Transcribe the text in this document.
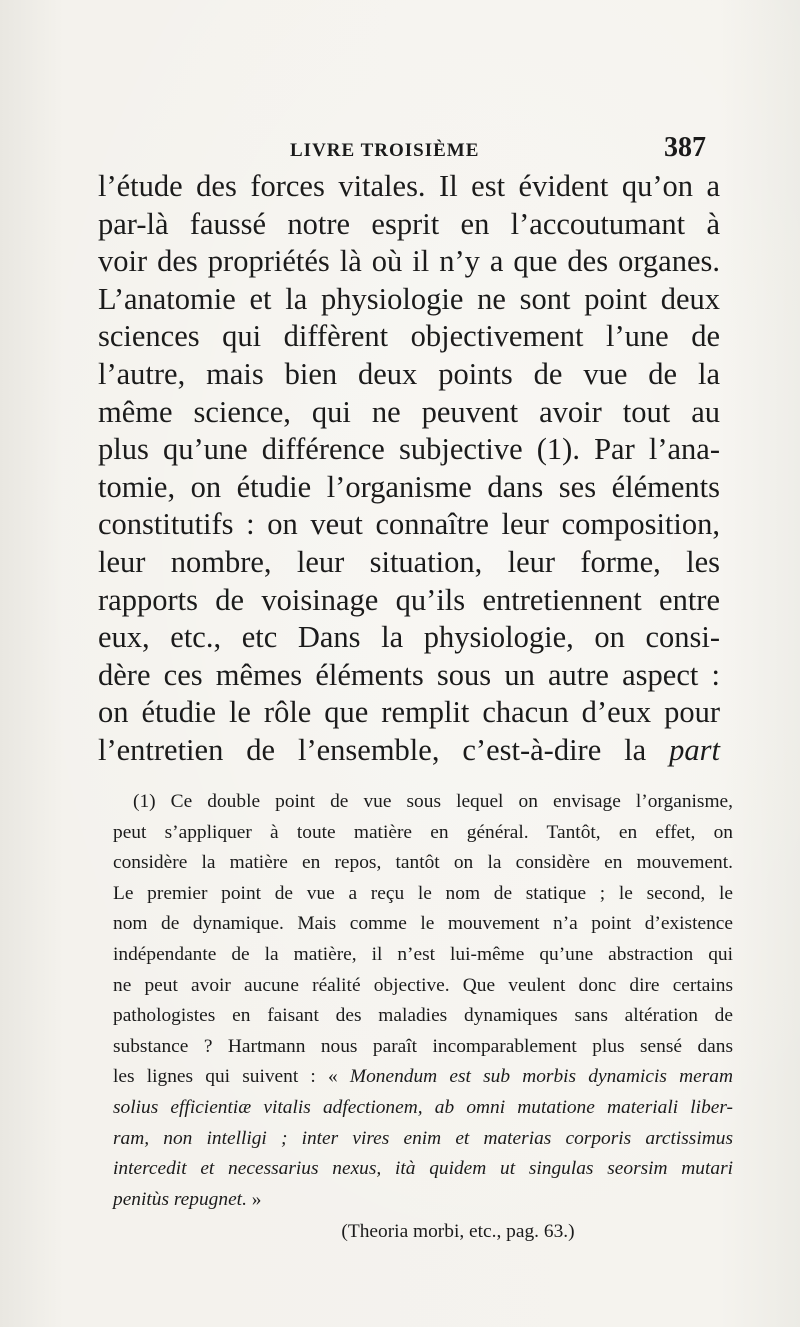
LIVRE TROISIÈME	387
l’étude des forces vitales. Il est évident qu’on a
par-là faussé notre esprit en l’accoutumant à
voir des propriétés là où il n’y a que des organes.
L’anatomie et la physiologie ne sont point deux
sciences qui diffèrent objectivement l’une de
l’autre, mais bien deux points de vue de la
même science, qui ne peuvent avoir tout au
plus qu’une différence subjective (1). Par l’ana-
tomie, on étudie l’organisme dans ses éléments
constitutifs : on veut connaître leur composition,
leur nombre, leur situation, leur forme, les
rapports de voisinage qu’ils entretiennent entre
eux, etc., etc Dans la physiologie, on consi-
dère ces mêmes éléments sous un autre aspect :
on étudie le rôle que remplit chacun d’eux pour
l’entretien de l’ensemble, c’est-à-dire la part
(1) Ce double point de vue sous lequel on envisage l’organisme,
peut s’appliquer à toute matière en général. Tantôt, en effet, on
considère la matière en repos, tantôt on la considère en mouvement.
Le premier point de vue a reçu le nom de statique ; le second, le
nom de dynamique. Mais comme le mouvement n’a point d’existence
indépendante de la matière, il n’est lui-même qu’une abstraction qui
ne peut avoir aucune réalité objective. Que veulent donc dire certains
pathologistes en faisant des maladies dynamiques sans altération de
substance ? Hartmann nous paraît incomparablement plus sensé dans
les lignes qui suivent : « Monendum est sub morbis dynamicis meram
solius efficientiæ vitalis adfectionem, ab omni mutatione materiali liber-
ram, non intelligi ; inter vires enim et materias corporis arctissimus
intercedit et necessarius nexus, ità quidem ut singulas seorsim mutari
penitùs repugnet. »
(Theoria morbi, etc., pag. 63.)
